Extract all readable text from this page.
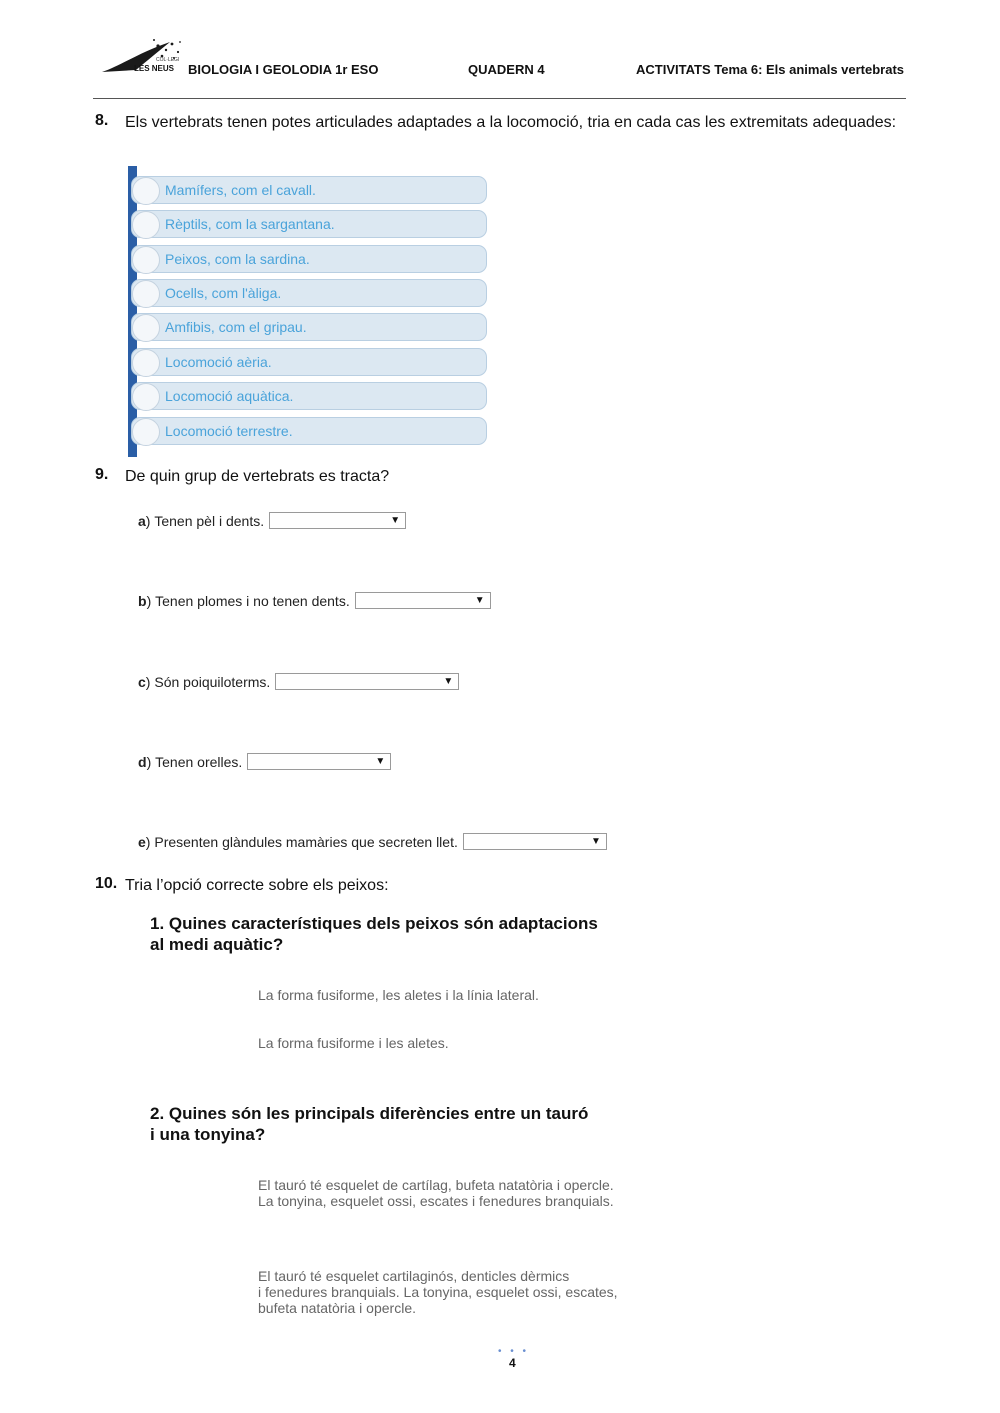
COL·LEGI
LES NEUS BIOLOGIA I GEOLODIA 1r ESO	QUADERN 4	ACTIVITATS Tema 6: Els animals vertebrats
8. Els vertebrats tenen potes articulades adaptades a la locomoció, tria en cada cas les extremitats adequades:
Mamífers, com el cavall.
Rèptils, com la sargantana.
Peixos, com la sardina.
Ocells, com l'àliga.
Amfibis, com el gripau.
Locomoció aèria.
Locomoció aquàtica.
Locomoció terrestre.
9. De quin grup de vertebrats es tracta?
a )
Tenen pèl i dents.	▼
b )
Tenen plomes i no tenen dents.	▼
c )
Són poiquiloterms.	▼
d )
Tenen orelles.	▼
e )
Presenten glàndules mamàries que secreten llet.	▼
10. Tria l’opció correcte sobre els peixos:
1. Quines característiques dels peixos són adaptacions
al medi aquàtic?
La forma fusiforme, les aletes i la línia lateral.
La forma fusiforme i les aletes.
2. Quines són les principals diferències entre un tauró
i una tonyina?
El tauró té esquelet de cartílag, bufeta natatòria i opercle.
La tonyina, esquelet ossi, escates i fenedures branquials.
El tauró té esquelet cartilaginós, denticles dèrmics
i fenedures branquials. La tonyina, esquelet ossi, escates,
bufeta natatòria i opercle.
• • •
4
